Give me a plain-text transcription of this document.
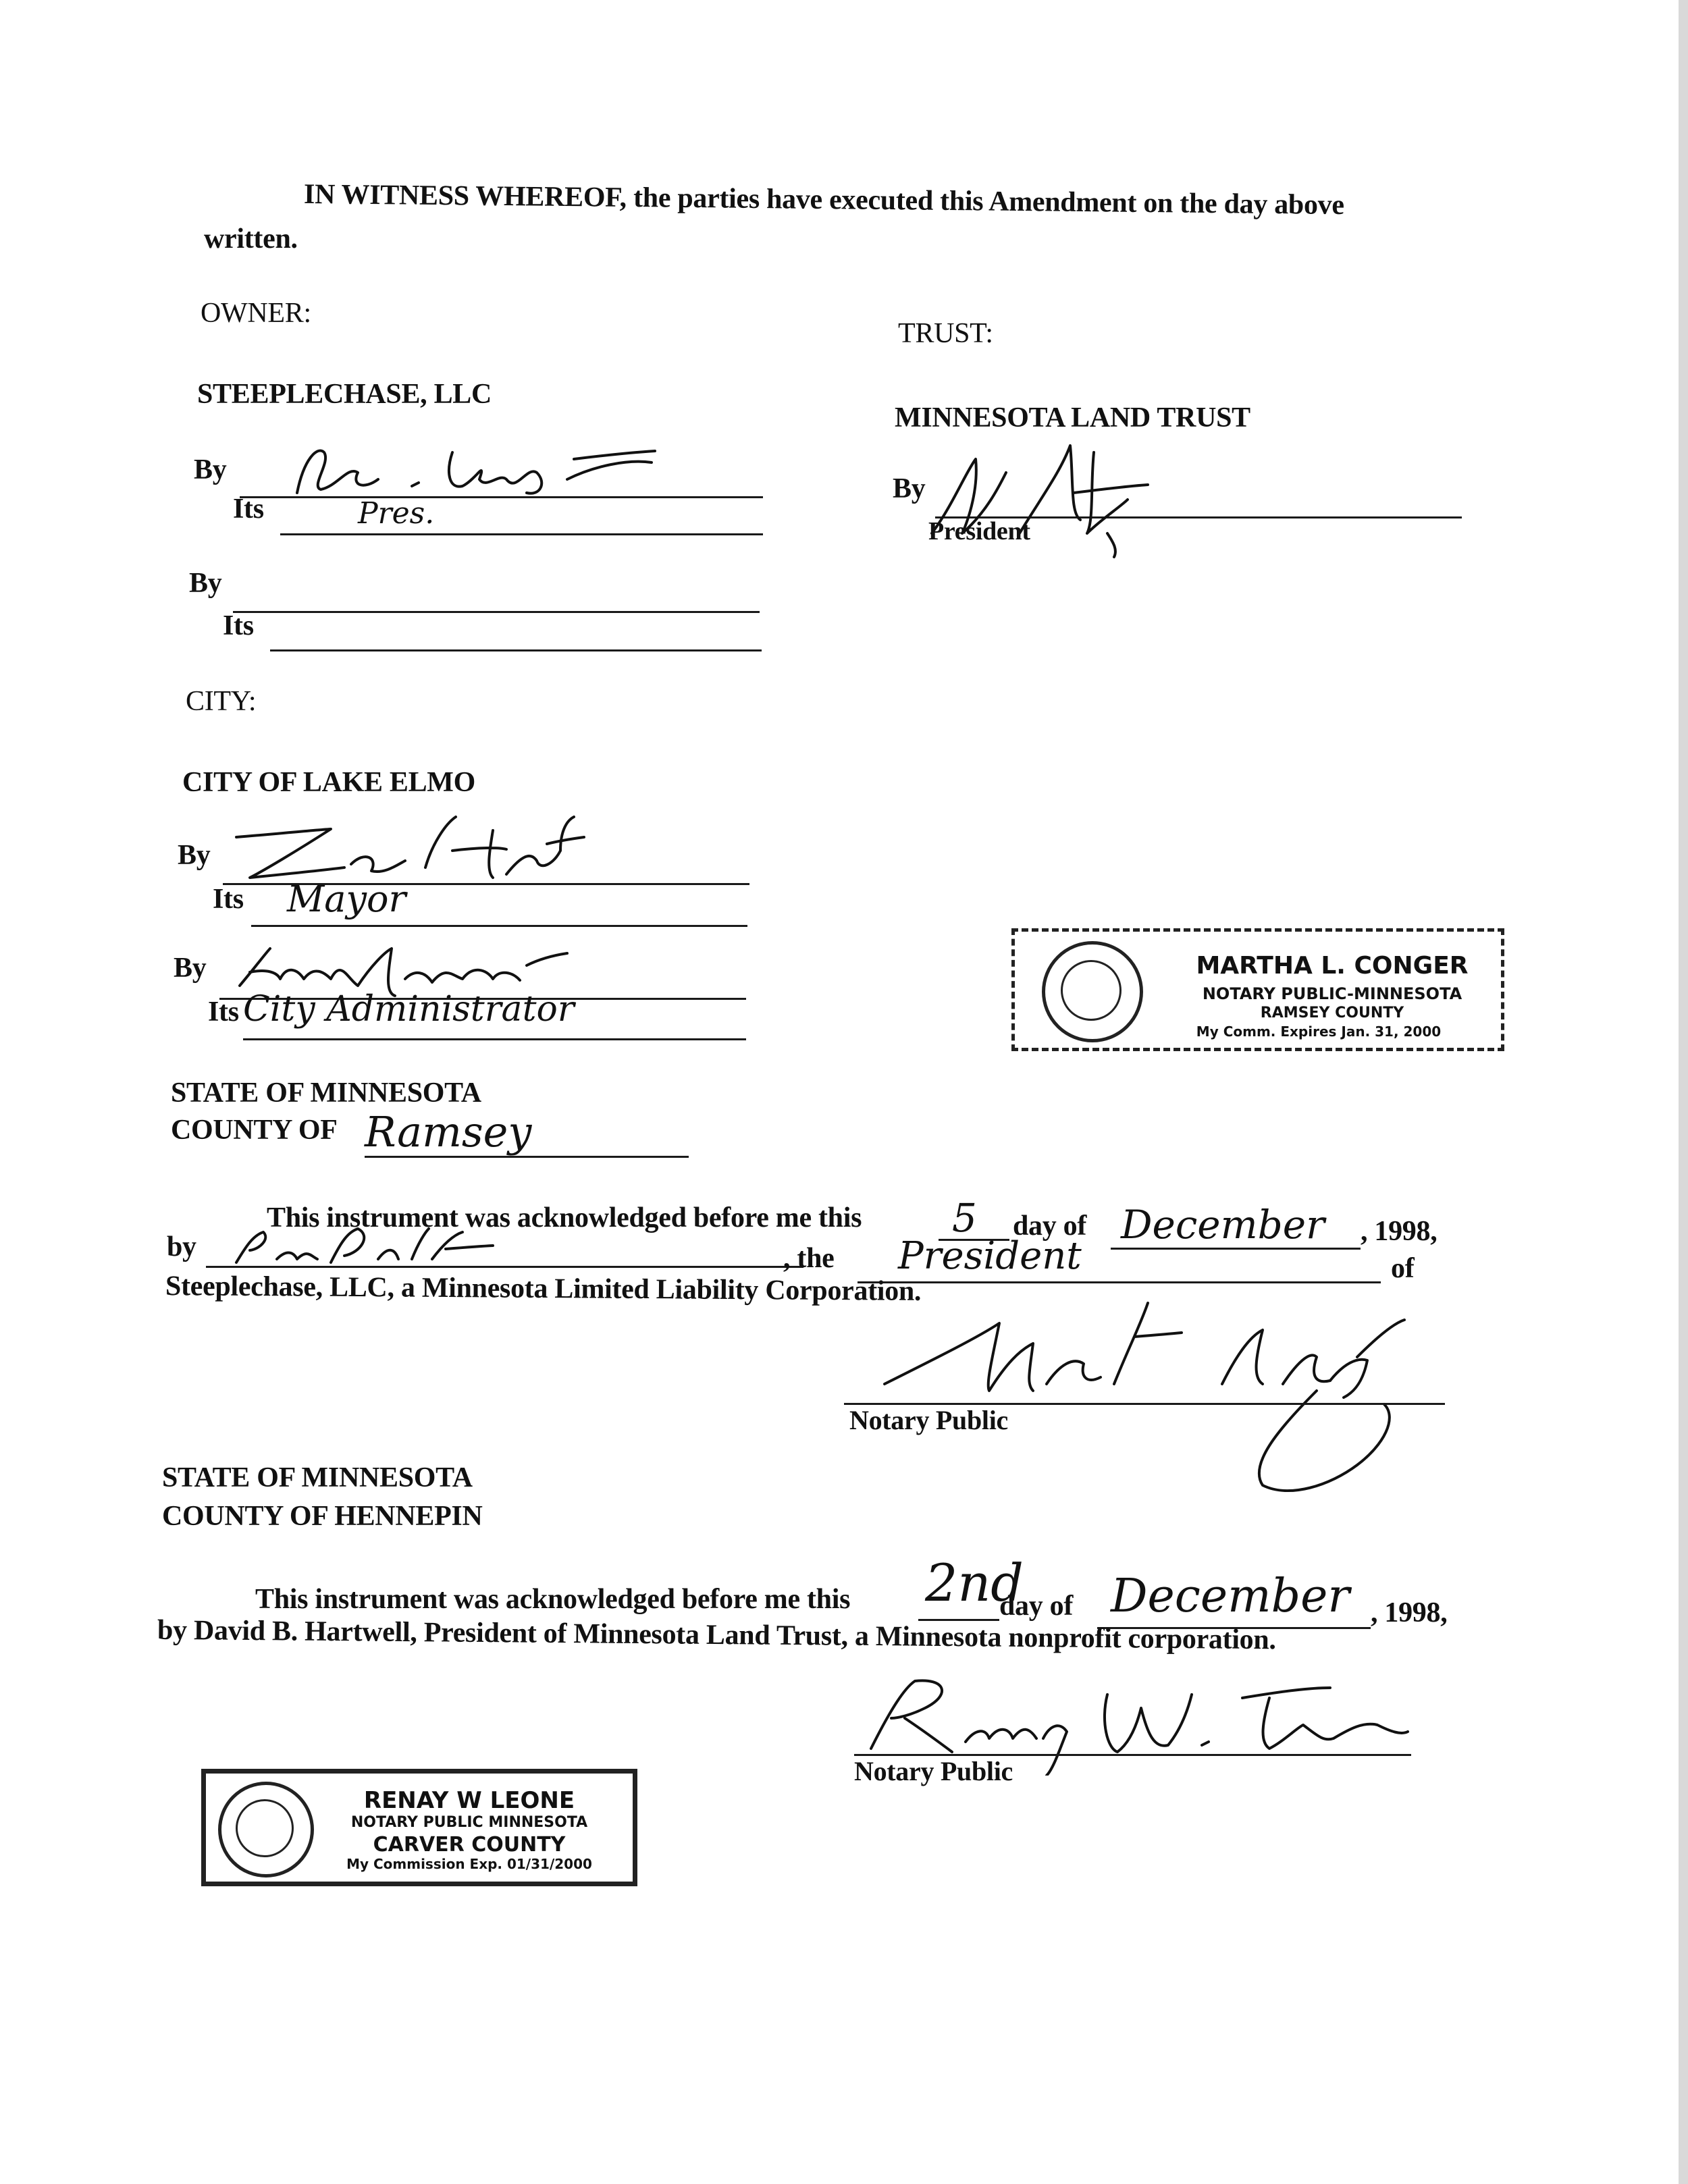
IN WITNESS WHEREOF, the parties have executed this Amendment on the day above
written.
OWNER:
STEEPLECHASE, LLC
By
Its	Pres.
By
Its
TRUST:
MINNESOTA LAND TRUST
By
President
CITY:
CITY OF LAKE ELMO
By
Its Mayor
By
Its City Administrator
MARTHA L. CONGER
NOTARY PUBLIC-MINNESOTA
RAMSEY COUNTY
My Comm. Expires Jan. 31, 2000
STATE OF MINNESOTA
COUNTY OF Ramsey
This instrument was acknowledged before me this 5 day of December , 1998,
by	, the President	of
Steeplechase, LLC, a Minnesota Limited Liability Corporation.
Notary Public
STATE OF MINNESOTA
COUNTY OF HENNEPIN
This instrument was acknowledged before me this 2nd
day of December , 1998,
by David B. Hartwell, President of Minnesota Land Trust, a Minnesota nonprofit corporation.
Notary Public
RENAY W LEONE
NOTARY PUBLIC MINNESOTA
CARVER COUNTY
My Commission Exp. 01/31/2000
